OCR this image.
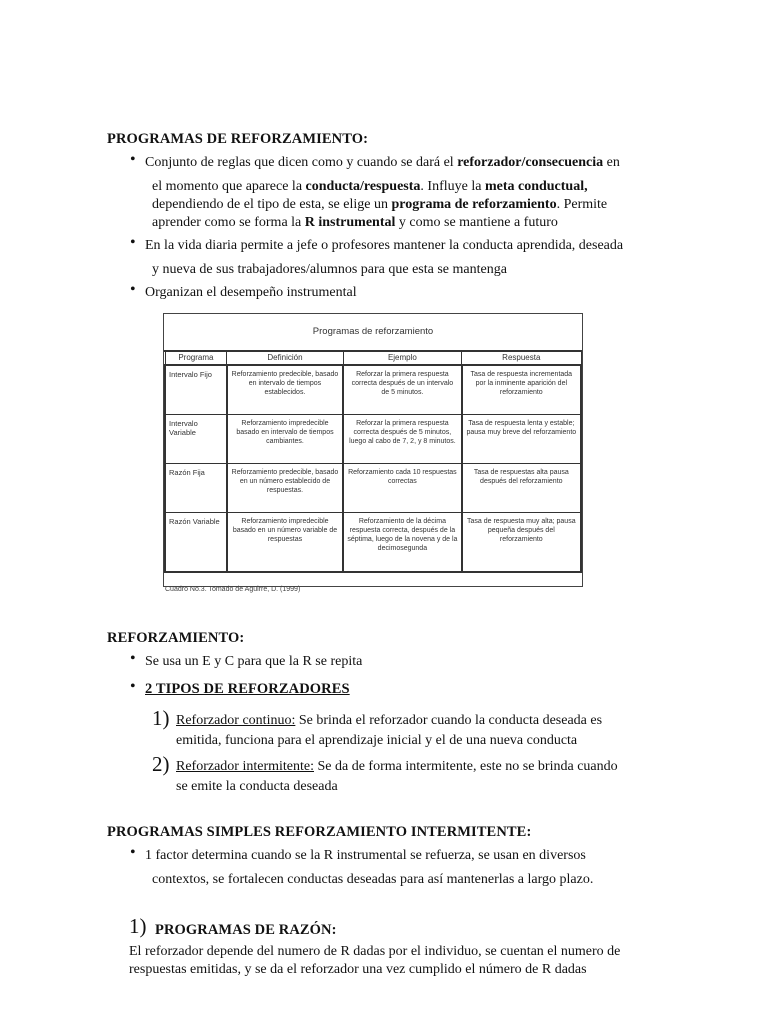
PROGRAMAS DE REFORZAMIENTO:
• Conjunto de reglas que dicen como y cuando se dará el reforzador/consecuencia en
el momento que aparece la conducta/respuesta. Influye la meta conductual,
dependiendo de el tipo de esta, se elige un programa de reforzamiento. Permite
aprender como se forma la R instrumental y como se mantiene a futuro
• En la vida diaria permite a jefe o profesores mantener la conducta aprendida, deseada
y nueva de sus trabajadores/alumnos para que esta se mantenga
• Organizan el desempeño instrumental
Programas de reforzamiento
Programa	Definición	Ejemplo	Respuesta
Intervalo Fijo	Reforzamiento predecible, basado en intervalo de tiempos establecidos.	Reforzar la primera respuesta correcta después de un intervalo de 5 minutos.	Tasa de respuesta incrementada por la inminente aparición del reforzamiento
Intervalo Variable	Reforzamiento impredecible basado en intervalo de tiempos cambiantes.	Reforzar la primera respuesta correcta después de 5 minutos, luego al cabo de 7, 2, y 8 minutos.	Tasa de respuesta lenta y estable; pausa muy breve del reforzamiento
Razón Fija	Reforzamiento predecible, basado en un número establecido de respuestas.	Reforzamiento cada 10 respuestas correctas	Tasa de respuestas alta pausa después del reforzamiento
Razón Variable	Reforzamiento impredecible basado en un número variable de respuestas	Reforzamiento de la décima respuesta correcta, después de la séptima, luego de la novena y de la decimosegunda	Tasa de respuesta muy alta; pausa pequeña después del reforzamiento
Cuadro No.3. Tomado de Aguirre, D. (1999)
REFORZAMIENTO:
• Se usa un E y C para que la R se repita
• 2 TIPOS DE REFORZADORES
1) Reforzador continuo: Se brinda el reforzador cuando la conducta deseada es
emitida, funciona para el aprendizaje inicial y el de una nueva conducta
2) Reforzador intermitente: Se da de forma intermitente, este no se brinda cuando
se emite la conducta deseada
PROGRAMAS SIMPLES REFORZAMIENTO INTERMITENTE:
• 1 factor determina cuando se la R instrumental se refuerza, se usan en diversos
contextos, se fortalecen conductas deseadas para así mantenerlas a largo plazo.
1) PROGRAMAS DE RAZÓN:
El reforzador depende del numero de R dadas por el individuo, se cuentan el numero de
respuestas emitidas, y se da el reforzador una vez cumplido el número de R dadas
